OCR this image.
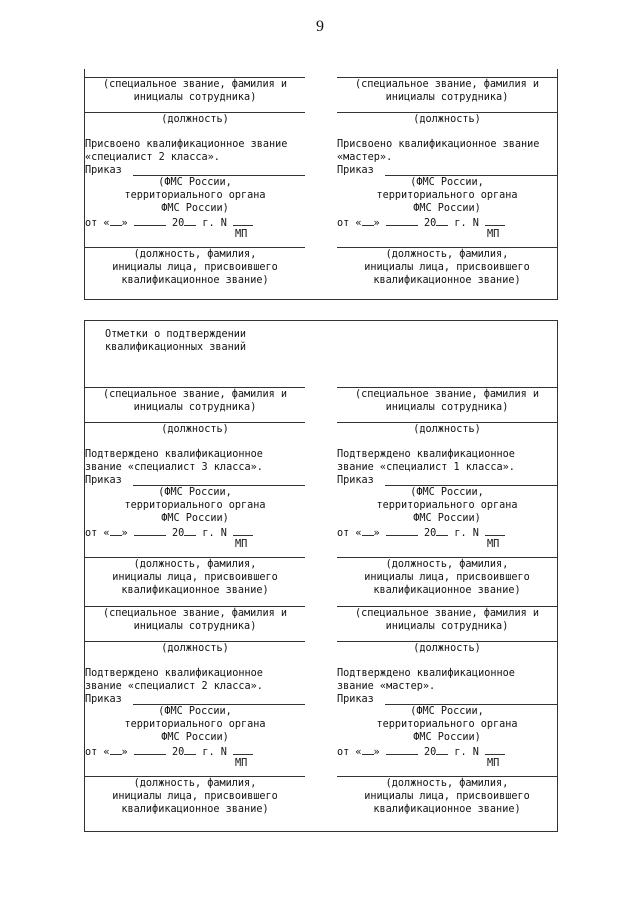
9
(специальное звание, фамилия и
инициалы сотрудника)
(должность)
Присвоено квалификационное звание
«специалист 2 класса».
Приказ
(ФМС России,
территориального органа
ФМС России)
от « »	20 г. N
МП
(должность, фамилия,
инициалы лица, присвоившего
квалификационное звание)
(специальное звание, фамилия и
инициалы сотрудника)
(должность)
Присвоено квалификационное звание
«мастер».
Приказ
(ФМС России,
территориального органа
ФМС России)
от « »	20 г. N
МП
(должность, фамилия,
инициалы лица, присвоившего
квалификационное звание)
Отметки о подтверждении
квалификационных званий
(специальное звание, фамилия и
инициалы сотрудника)
(должность)
Подтверждено квалификационное
звание «специалист 3 класса».
Приказ
(ФМС России,
территориального органа
ФМС России)
от « »	20 г. N
МП
(должность, фамилия,
инициалы лица, присвоившего
квалификационное звание)
(специальное звание, фамилия и
инициалы сотрудника)
(должность)
Подтверждено квалификационное
звание «специалист 2 класса».
Приказ
(ФМС России,
территориального органа
ФМС России)
от « »	20 г. N
МП
(должность, фамилия,
инициалы лица, присвоившего
квалификационное звание)
(специальное звание, фамилия и
инициалы сотрудника)
(должность)
Подтверждено квалификационное
звание «специалист 1 класса».
Приказ
(ФМС России,
территориального органа
ФМС России)
от « »	20 г. N
МП
(должность, фамилия,
инициалы лица, присвоившего
квалификационное звание)
(специальное звание, фамилия и
инициалы сотрудника)
(должность)
Подтверждено квалификационное
звание «мастер».
Приказ
(ФМС России,
территориального органа
ФМС России)
от « »	20 г. N
МП
(должность, фамилия,
инициалы лица, присвоившего
квалификационное звание)
